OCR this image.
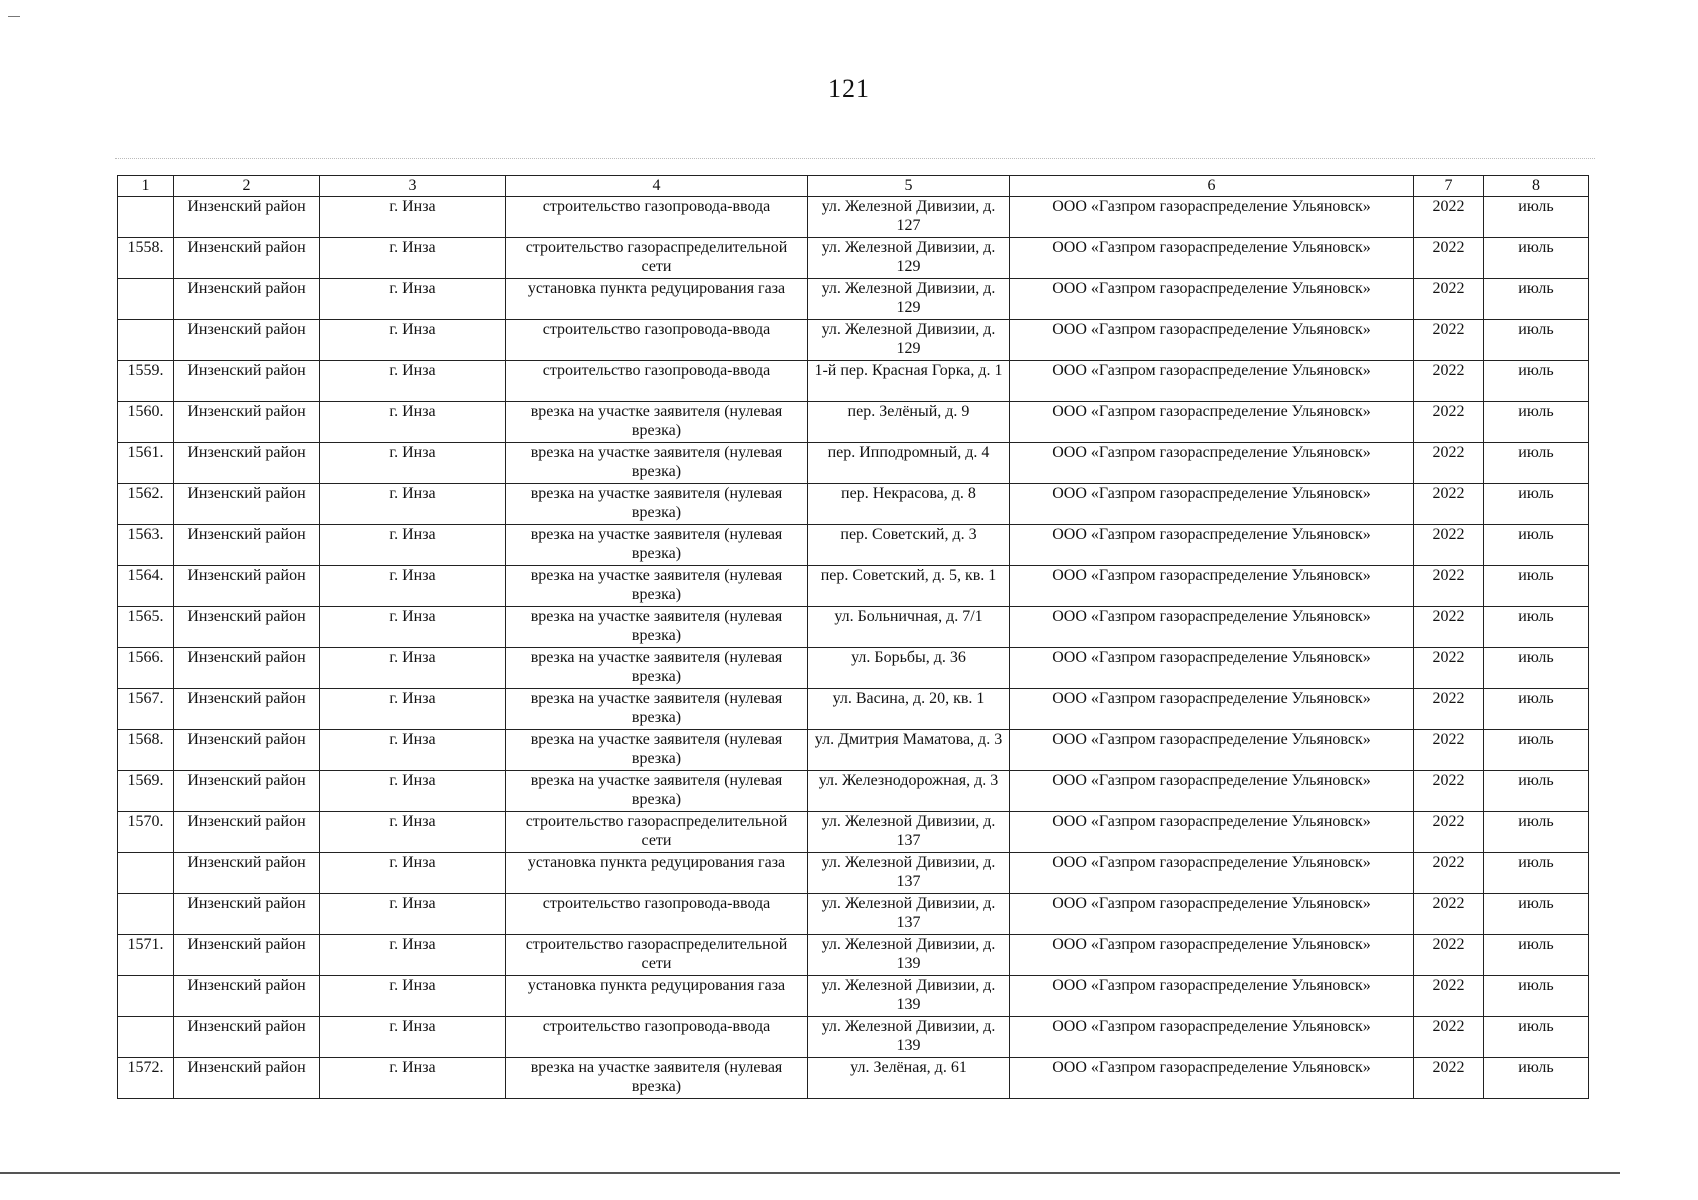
121
1	2	3	4	5	6	7	8
	Инзенский район	г. Инза	строительство газопровода-ввода	ул. Железной Дивизии, д. 127	ООО «Газпром газораспределение Ульяновск»	2022	июль
1558.	Инзенский район	г. Инза	строительство газораспределительной сети	ул. Железной Дивизии, д. 129	ООО «Газпром газораспределение Ульяновск»	2022	июль
	Инзенский район	г. Инза	установка пункта редуцирования газа	ул. Железной Дивизии, д. 129	ООО «Газпром газораспределение Ульяновск»	2022	июль
	Инзенский район	г. Инза	строительство газопровода-ввода	ул. Железной Дивизии, д. 129	ООО «Газпром газораспределение Ульяновск»	2022	июль
1559.	Инзенский район	г. Инза	строительство газопровода-ввода	1-й пер. Красная Горка, д. 1	ООО «Газпром газораспределение Ульяновск»	2022	июль
1560.	Инзенский район	г. Инза	врезка на участке заявителя (нулевая врезка)	пер. Зелёный, д. 9	ООО «Газпром газораспределение Ульяновск»	2022	июль
1561.	Инзенский район	г. Инза	врезка на участке заявителя (нулевая врезка)	пер. Ипподромный, д. 4	ООО «Газпром газораспределение Ульяновск»	2022	июль
1562.	Инзенский район	г. Инза	врезка на участке заявителя (нулевая врезка)	пер. Некрасова, д. 8	ООО «Газпром газораспределение Ульяновск»	2022	июль
1563.	Инзенский район	г. Инза	врезка на участке заявителя (нулевая врезка)	пер. Советский, д. 3	ООО «Газпром газораспределение Ульяновск»	2022	июль
1564.	Инзенский район	г. Инза	врезка на участке заявителя (нулевая врезка)	пер. Советский, д. 5, кв. 1	ООО «Газпром газораспределение Ульяновск»	2022	июль
1565.	Инзенский район	г. Инза	врезка на участке заявителя (нулевая врезка)	ул. Больничная, д. 7/1	ООО «Газпром газораспределение Ульяновск»	2022	июль
1566.	Инзенский район	г. Инза	врезка на участке заявителя (нулевая врезка)	ул. Борьбы, д. 36	ООО «Газпром газораспределение Ульяновск»	2022	июль
1567.	Инзенский район	г. Инза	врезка на участке заявителя (нулевая врезка)	ул. Васина, д. 20, кв. 1	ООО «Газпром газораспределение Ульяновск»	2022	июль
1568.	Инзенский район	г. Инза	врезка на участке заявителя (нулевая врезка)	ул. Дмитрия Маматова, д. 3	ООО «Газпром газораспределение Ульяновск»	2022	июль
1569.	Инзенский район	г. Инза	врезка на участке заявителя (нулевая врезка)	ул. Железнодорожная, д. 3	ООО «Газпром газораспределение Ульяновск»	2022	июль
1570.	Инзенский район	г. Инза	строительство газораспределительной сети	ул. Железной Дивизии, д. 137	ООО «Газпром газораспределение Ульяновск»	2022	июль
	Инзенский район	г. Инза	установка пункта редуцирования газа	ул. Железной Дивизии, д. 137	ООО «Газпром газораспределение Ульяновск»	2022	июль
	Инзенский район	г. Инза	строительство газопровода-ввода	ул. Железной Дивизии, д. 137	ООО «Газпром газораспределение Ульяновск»	2022	июль
1571.	Инзенский район	г. Инза	строительство газораспределительной сети	ул. Железной Дивизии, д. 139	ООО «Газпром газораспределение Ульяновск»	2022	июль
	Инзенский район	г. Инза	установка пункта редуцирования газа	ул. Железной Дивизии, д. 139	ООО «Газпром газораспределение Ульяновск»	2022	июль
	Инзенский район	г. Инза	строительство газопровода-ввода	ул. Железной Дивизии, д. 139	ООО «Газпром газораспределение Ульяновск»	2022	июль
1572.	Инзенский район	г. Инза	врезка на участке заявителя (нулевая врезка)	ул. Зелёная, д. 61	ООО «Газпром газораспределение Ульяновск»	2022	июль
